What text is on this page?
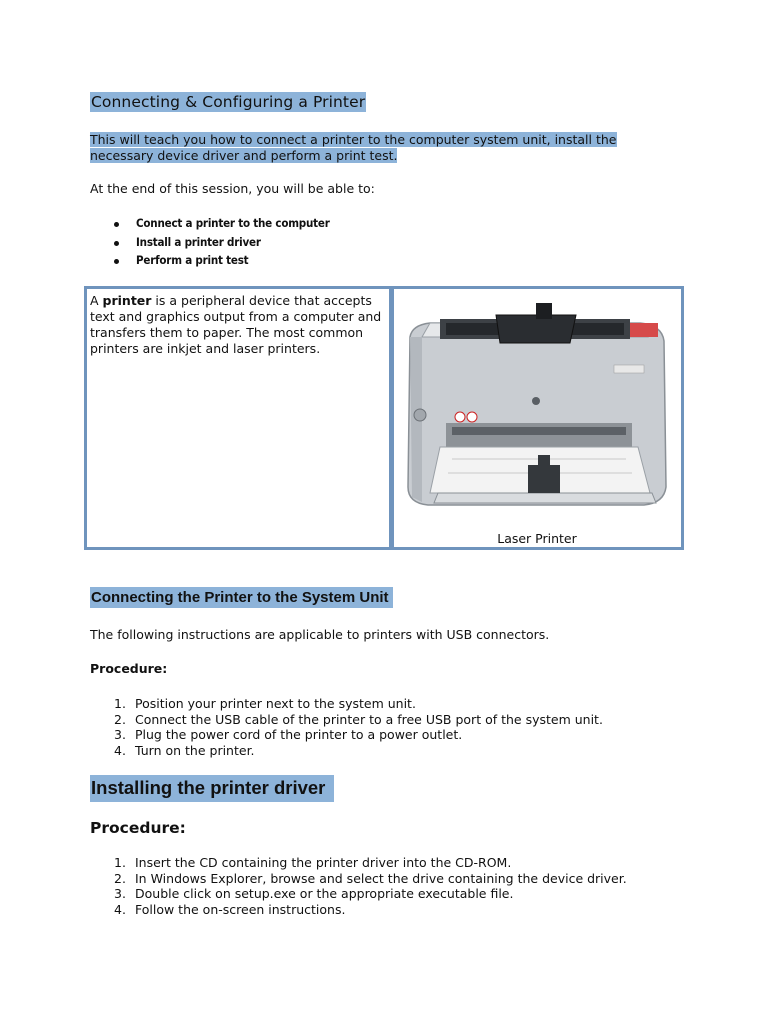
Connecting & Configuring a Printer
This will teach you how to connect a printer to the computer system unit, install the
necessary device driver and perform a print test.
At the end of this session, you will be able to:
Connect a printer to the computer
Install a printer driver
Perform a print test
A printer is a peripheral device that accepts text and graphics output from a computer and transfers them to paper. The most common printers are inkjet and laser printers.
Laser Printer
Connecting the Printer to the System Unit
The following instructions are applicable to printers with USB connectors.
Procedure:
1. Position your printer next to the system unit.
2. Connect the USB cable of the printer to a free USB port of the system unit.
3. Plug the power cord of the printer to a power outlet.
4. Turn on the printer.
Installing the printer driver
Procedure:
1. Insert the CD containing the printer driver into the CD-ROM.
2. In Windows Explorer, browse and select the drive containing the device driver.
3. Double click on setup.exe or the appropriate executable file.
4. Follow the on-screen instructions.
